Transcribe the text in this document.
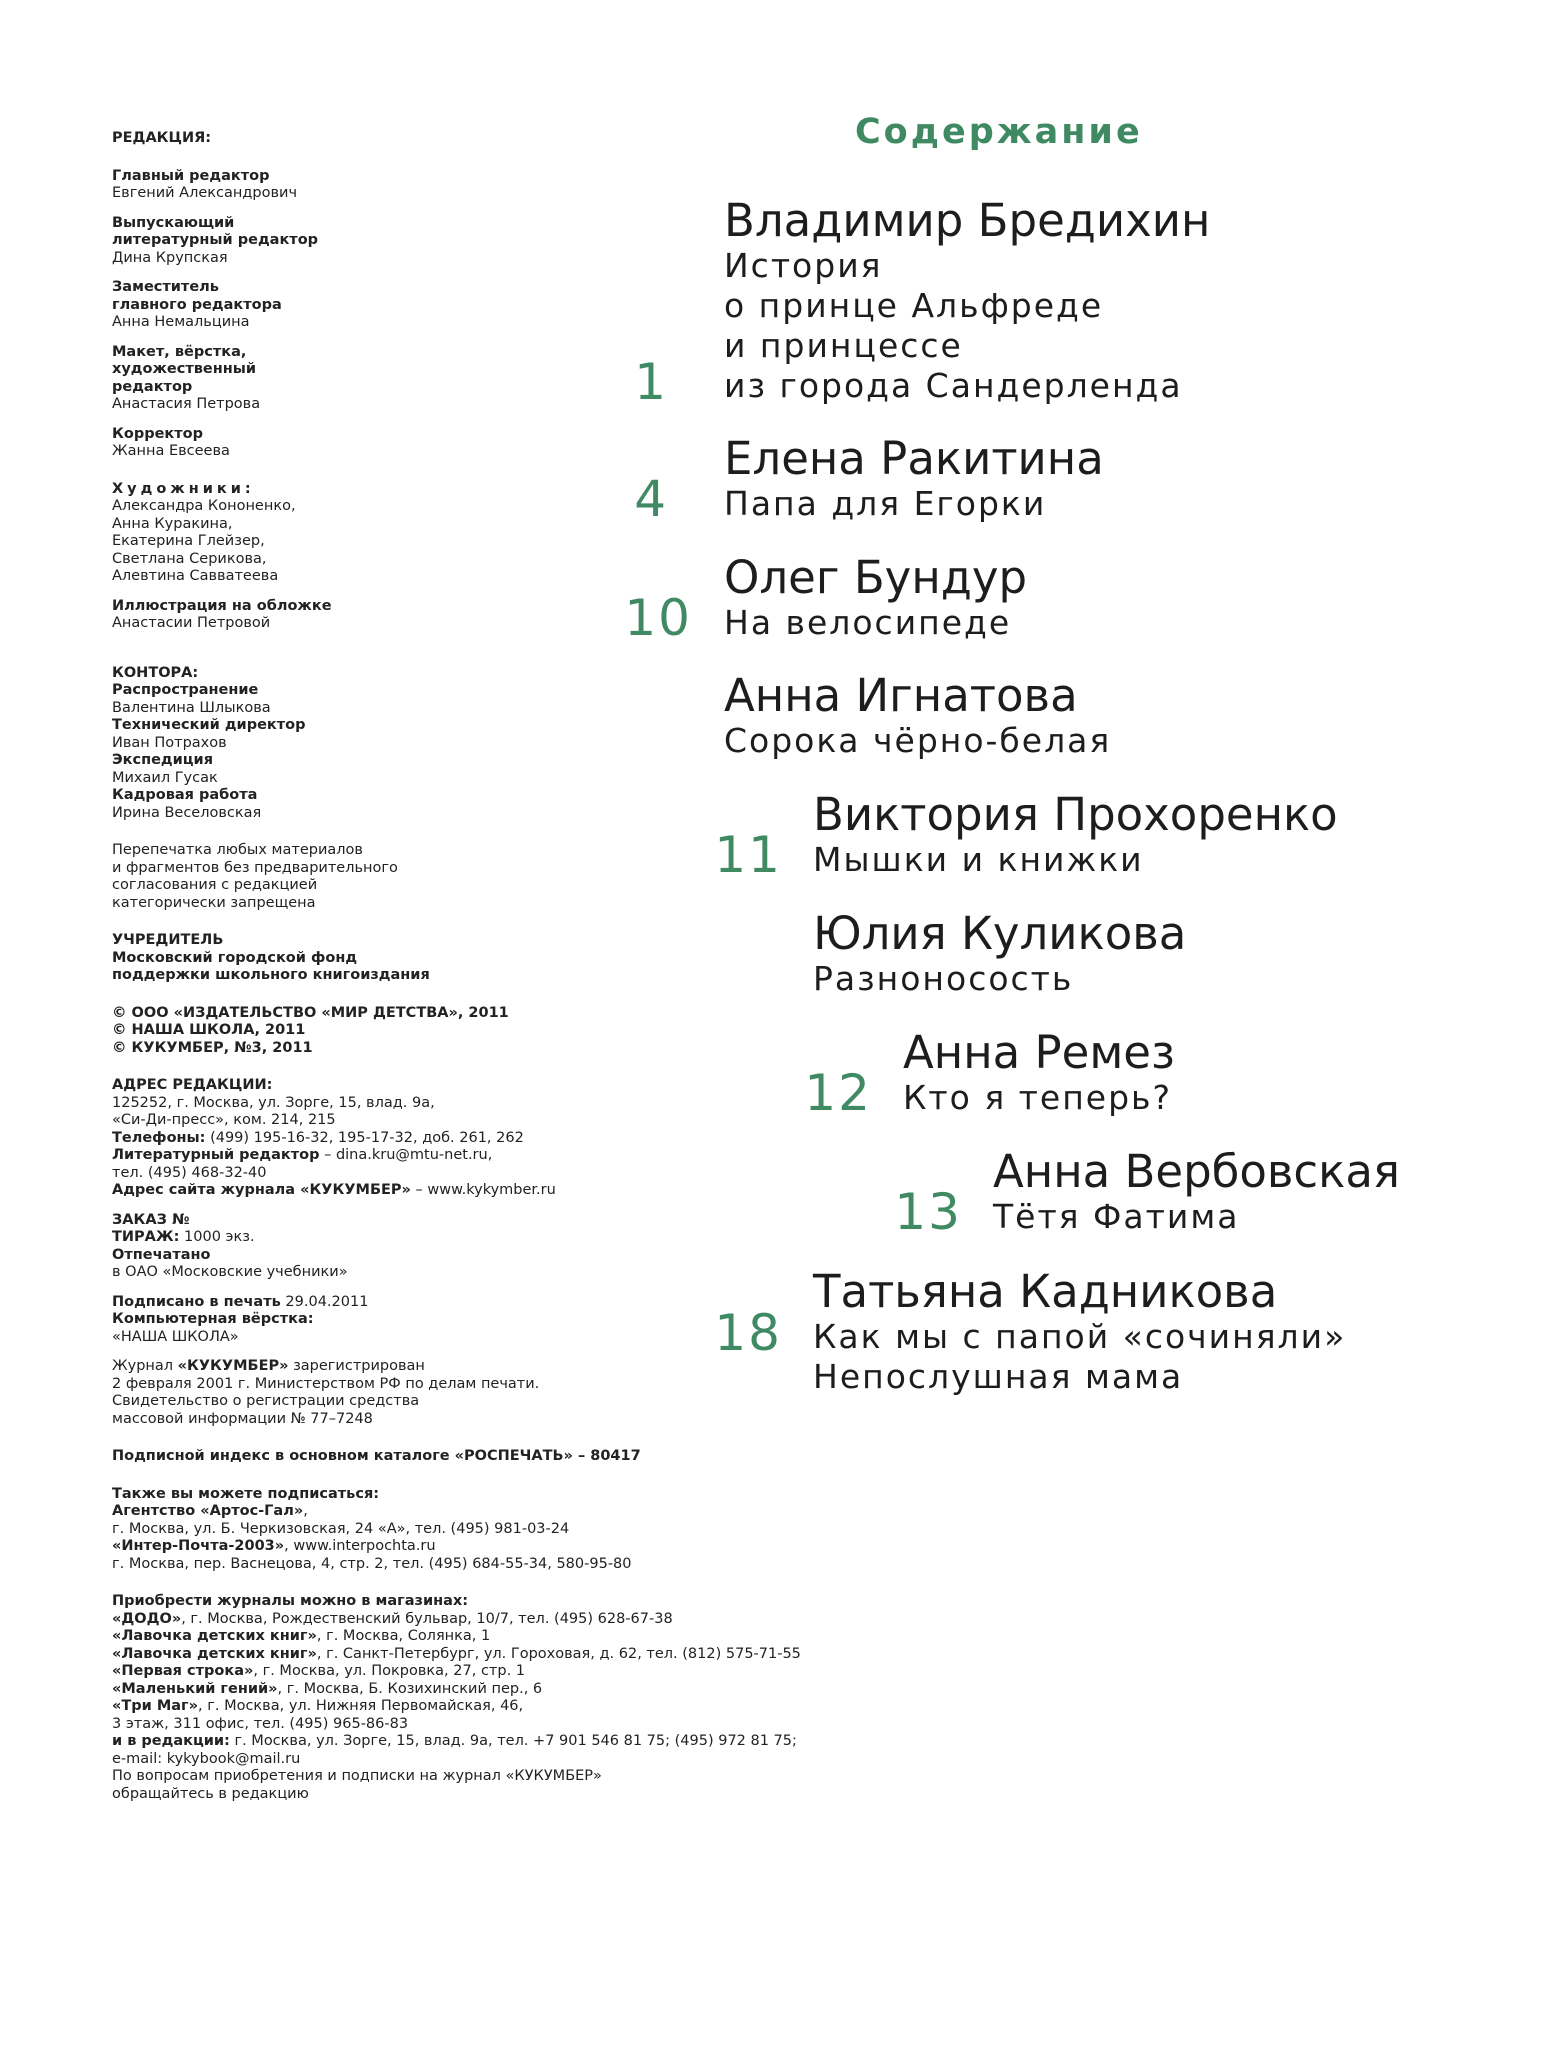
РЕДАКЦИЯ:
Главный редактор
Евгений Александрович
Выпускающий
литературный редактор
Дина Крупская
Заместитель
главного редактора
Анна Немальцина
Макет, вёрстка,
художественный
редактор
Анастасия Петрова
Корректор
Жанна Евсеева
Художники:
Александра Кононенко,
Анна Куракина,
Екатерина Глейзер,
Светлана Серикова,
Алевтина Савватеева
Иллюстрация на обложке
Анастасии Петровой
КОНТОРА:
Распространение
Валентина Шлыкова
Технический директор
Иван Потрахов
Экспедиция
Михаил Гусак
Кадровая работа
Ирина Веселовская
Перепечатка любых материалов
и фрагментов без предварительного
согласования с редакцией
категорически запрещена
УЧРЕДИТЕЛЬ
Московский городской фонд
поддержки школьного книгоиздания
© ООО «ИЗДАТЕЛЬСТВО «МИР ДЕТСТВА», 2011
© НАША ШКОЛА, 2011
© КУКУМБЕР, №3, 2011
АДРЕС РЕДАКЦИИ:
125252, г. Москва, ул. Зорге, 15, влад. 9а,
«Си-Ди-пресс», ком. 214, 215
Телефоны: (499) 195-16-32, 195-17-32, доб. 261, 262
Литературный редактор – dina.kru@mtu-net.ru,
тел. (495) 468-32-40
Адрес сайта журнала «КУКУМБЕР» – www.kykymber.ru
ЗАКАЗ №
ТИРАЖ: 1000 экз.
Отпечатано
в ОАО «Московские учебники»
Подписано в печать 29.04.2011
Компьютерная вёрстка:
«НАША ШКОЛА»
Журнал «КУКУМБЕР» зарегистрирован
2 февраля 2001 г. Министерством РФ по делам печати.
Свидетельство о регистрации средства
массовой информации № 77–7248
Подписной индекс в основном каталоге «РОСПЕЧАТЬ» – 80417
Также вы можете подписаться:
Агентство «Артос-Гал»,
г. Москва, ул. Б. Черкизовская, 24 «А», тел. (495) 981-03-24
«Интер-Почта-2003», www.interpochta.ru
г. Москва, пер. Васнецова, 4, стр. 2, тел. (495) 684-55-34, 580-95-80
Приобрести журналы можно в магазинах:
«ДОДО», г. Москва, Рождественский бульвар, 10/7, тел. (495) 628-67-38
«Лавочка детских книг», г. Москва, Солянка, 1
«Лавочка детских книг», г. Санкт-Петербург, ул. Гороховая, д. 62, тел. (812) 575-71-55
«Первая строка», г. Москва, ул. Покровка, 27, стр. 1
«Маленький гений», г. Москва, Б. Козихинский пер., 6
«Три Маг», г. Москва, ул. Нижняя Первомайская, 46,
3 этаж, 311 офис, тел. (495) 965-86-83
и в редакции: г. Москва, ул. Зорге, 15, влад. 9а, тел. +7 901 546 81 75; (495) 972 81 75;
e-mail: kykybook@mail.ru
По вопросам приобретения и подписки на журнал «КУКУМБЕР»
обращайтесь в редакцию
Содержание
1
Владимир Бредихин
История
о принце Альфреде
и принцессе
из города Сандерленда
4
Елена Ракитина
Папа для Егорки
10
Олег Бундур
На велосипеде
Анна Игнатова
Сорока чёрно-белая
11
Виктория Прохоренко
Мышки и книжки
Юлия Куликова
Разноносость
12
Анна Ремез
Кто я теперь?
13
Анна Вербовская
Тётя Фатима
18
Татьяна Кадникова
Как мы с папой «сочиняли»
Непослушная мама
